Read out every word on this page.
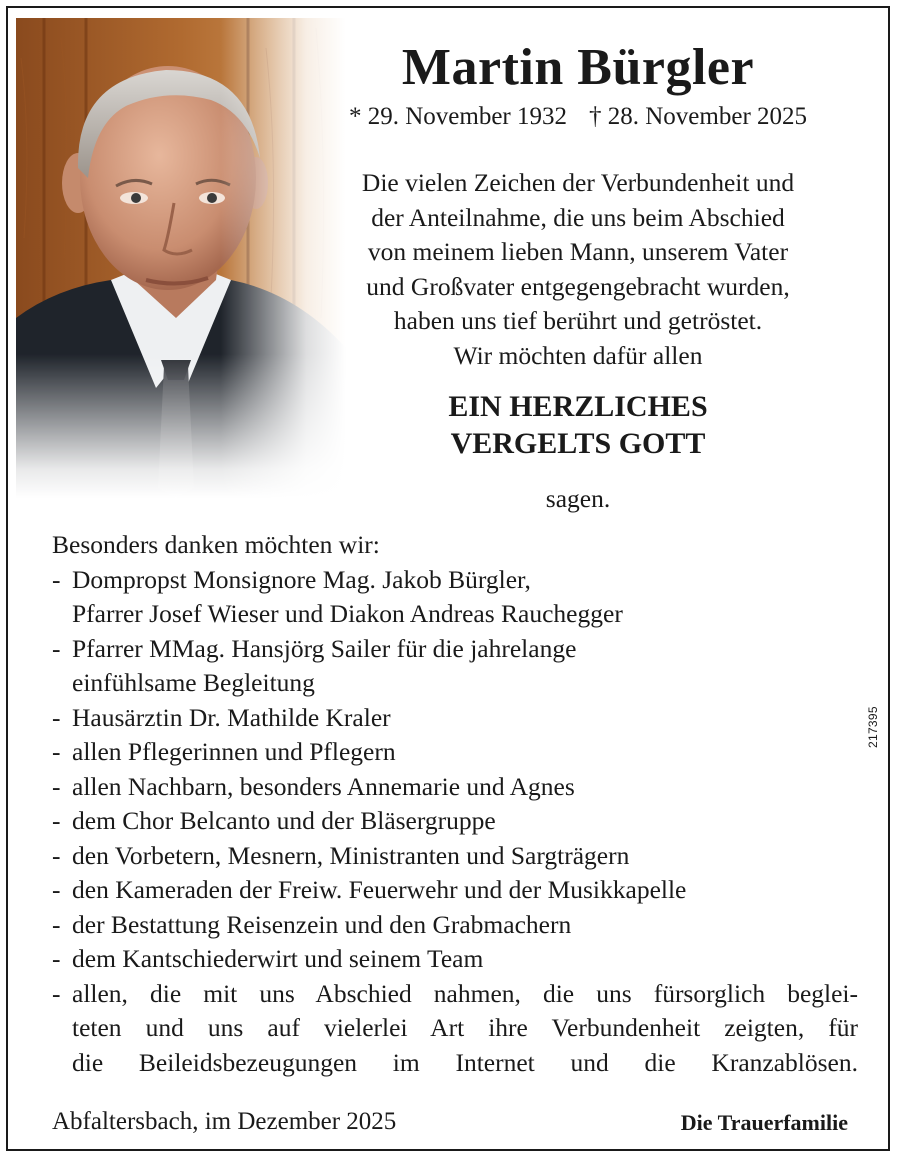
Martin Bürgler
* 29. November 1932 † 28. November 2025
Die vielen Zeichen der Verbundenheit und
der Anteilnahme, die uns beim Abschied
von meinem lieben Mann, unserem Vater
und Großvater entgegengebracht wurden,
haben uns tief berührt und getröstet.
Wir möchten dafür allen
EIN HERZLICHES
VERGELTS GOTT
sagen.
Besonders danken möchten wir:
- Dompropst Monsignore Mag. Jakob Bürgler,
Pfarrer Josef Wieser und Diakon Andreas Rauchegger
- Pfarrer MMag. Hansjörg Sailer für die jahrelange
einfühlsame Begleitung
- Hausärztin Dr. Mathilde Kraler
- allen Pflegerinnen und Pflegern
- allen Nachbarn, besonders Annemarie und Agnes
- dem Chor Belcanto und der Bläsergruppe
- den Vorbetern, Mesnern, Ministranten und Sargträgern
- den Kameraden der Freiw. Feuerwehr und der Musikkapelle
- der Bestattung Reisenzein und den Grabmachern
- dem Kantschiederwirt und seinem Team
- allen, die mit uns Abschied nahmen, die uns fürsorglich beglei-
teten und uns auf vielerlei Art ihre Verbundenheit zeigten, für
die Beileidsbezeugungen im Internet und die Kranzablösen.
217395
Abfaltersbach, im Dezember 2025	Die Trauerfamilie
